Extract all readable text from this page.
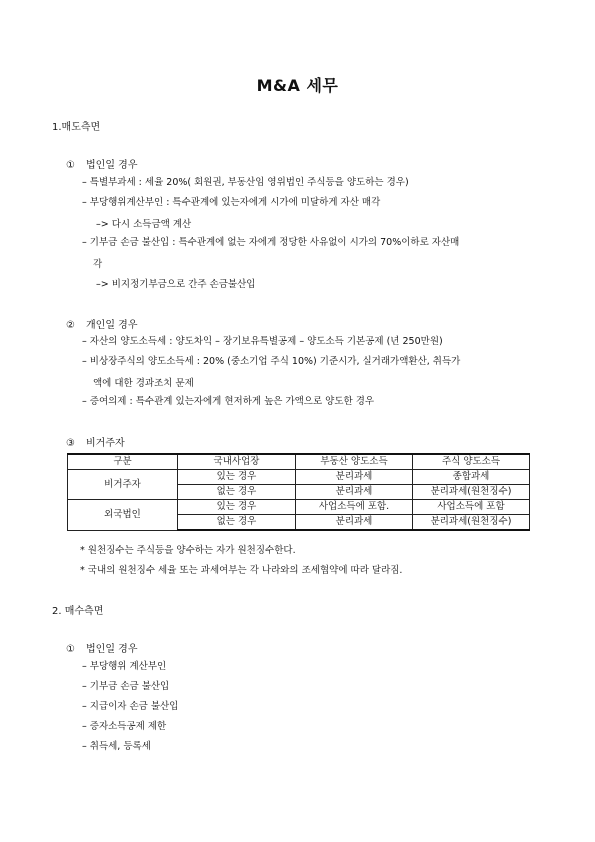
M&A 세무
1.매도측면
① 법인일 경우
– 특별부과세 : 세율 20%( 회원권, 부동산임 영위법인 주식등을 양도하는 경우)
– 부당행위계산부인 : 특수관계에 있는자에게 시가에 미달하게 자산 매각
–> 다시 소득금액 계산
– 기부금 손금 불산입 : 특수관계에 없는 자에게 정당한 사유없이 시가의 70%이하로 자산매
각
–> 비지정기부금으로 간주 손금불산입
② 개인일 경우
– 자산의 양도소득세 : 양도차익 – 장기보유특별공제 – 양도소득 기본공제 (년 250만원)
– 비상장주식의 양도소득세 : 20% (중소기업 주식 10%) 기준시가, 실거래가액환산, 취득가
액에 대한 경과조치 문제
– 증여의제 : 특수관계 있는자에게 현저하게 높은 가액으로 양도한 경우
③ 비거주자
구분	국내사업장	부동산 양도소득	주식 양도소득
비거주자	있는 경우	분리과세	종합과세
	없는 경우	분리과세	분리과세(원천징수)
외국법인	있는 경우	사업소득에 포함.	사업소득에 포함
	없는 경우	분리과세	분리과세(원천징수)
* 원천징수는 주식등을 양수하는 자가 원천징수한다.
* 국내의 원천징수 세율 또는 과세여부는 각 나라와의 조세협약에 따라 달라짐.
2. 매수측면
① 법인일 경우
– 부당행위 계산부인
– 기부금 손금 불산입
– 지급이자 손금 불산입
– 증자소득공제 제한
– 취득세, 등록세
